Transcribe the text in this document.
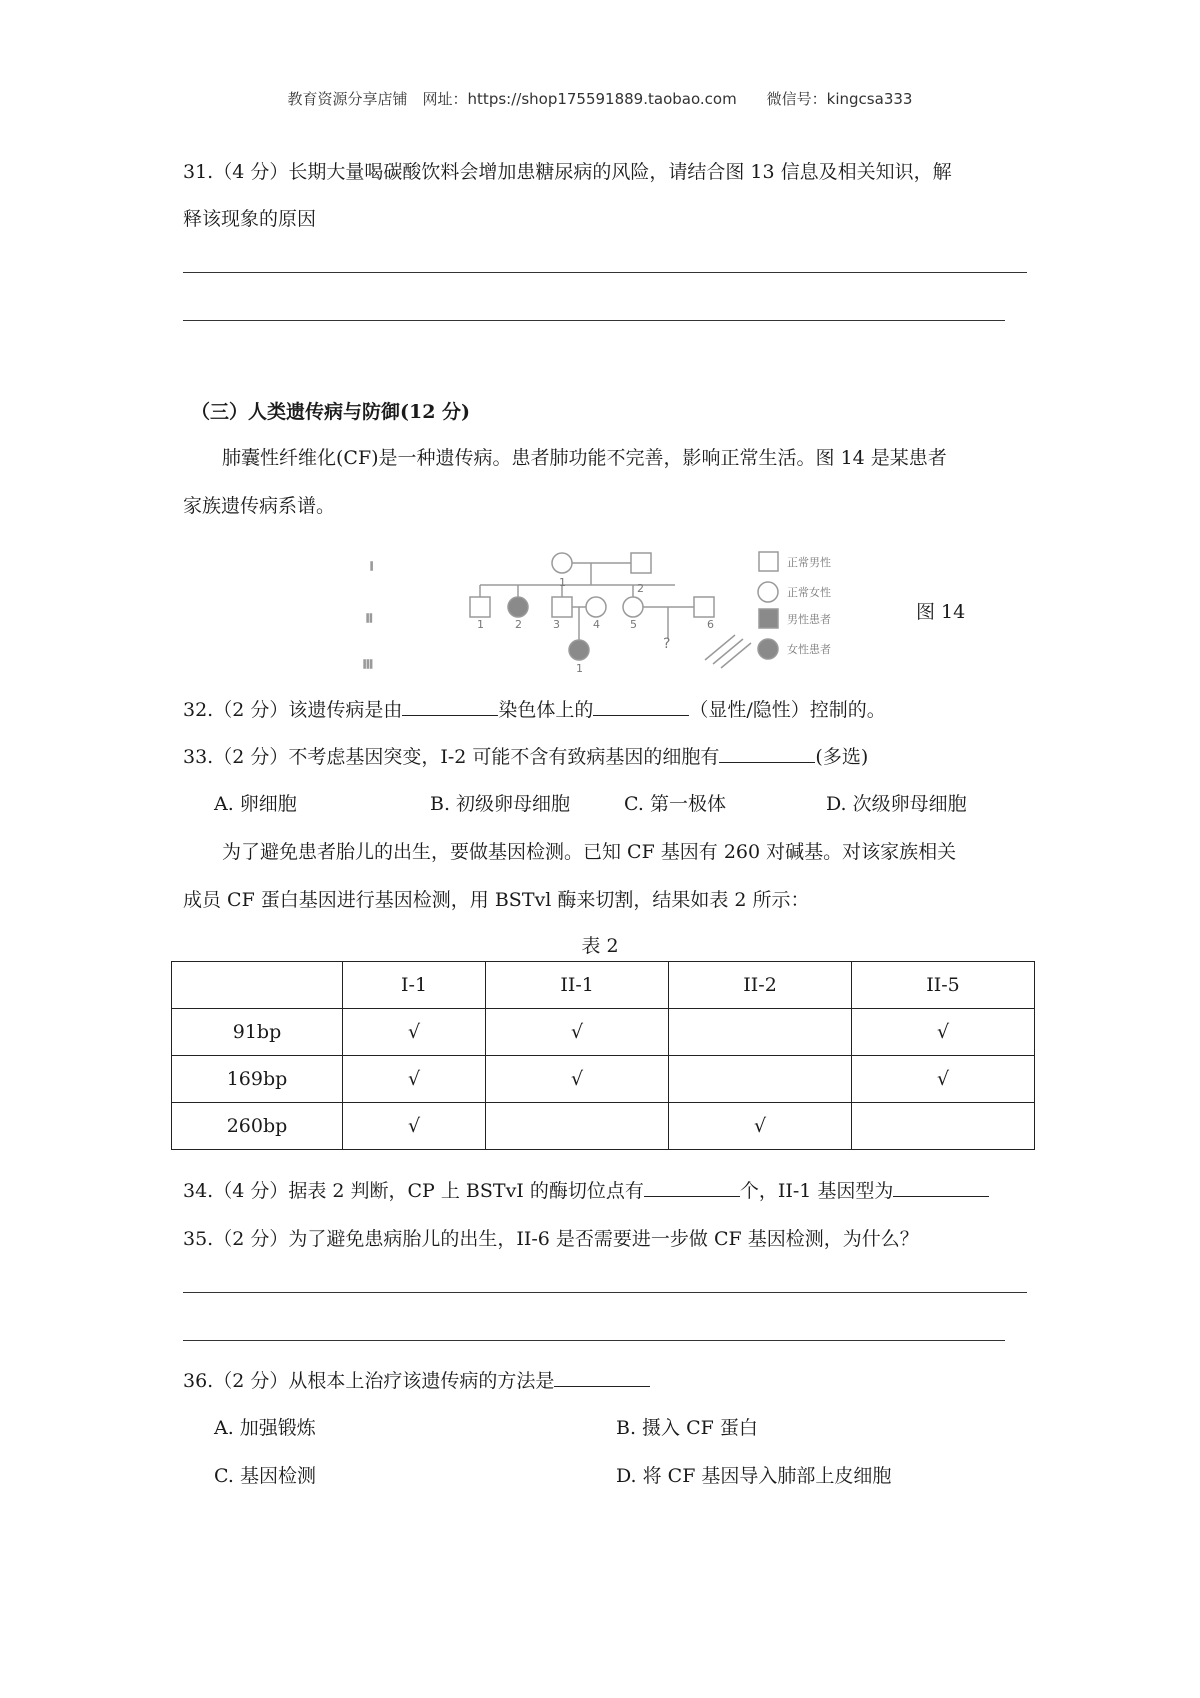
教育资源分享店铺　网址：https://shop175591889.taobao.com　　微信号：kingcsa333
31.（4 分）长期大量喝碳酸饮料会增加患糖尿病的风险，请结合图 13 信息及相关知识，解
释该现象的原因
（三）人类遗传病与防御(12 分)
肺囊性纤维化(CF)是一种遗传病。患者肺功能不完善，影响正常生活。图 14 是某患者
家族遗传病系谱。
I
II
III
1	2
1	2	3	4	5	6
1
?
正常男性
正常女性
男性患者
女性患者
图 14
32.（2 分）该遗传病是由	染色体上的	（显性/隐性）控制的。
33.（2 分）不考虑基因突变，I-2 可能不含有致病基因的细胞有	(多选)
A. 卵细胞	B. 初级卵母细胞	C. 第一极体	D. 次级卵母细胞
为了避免患者胎儿的出生，要做基因检测。已知 CF 基因有 260 对碱基。对该家族相关
成员 CF 蛋白基因进行基因检测，用 BSTvl 酶来切割，结果如表 2 所示：
表 2
	I-1	II-1	II-2	II-5
91bp	√	√		√
169bp	√	√		√
260bp	√		√	
34.（4 分）据表 2 判断，CP 上 BSTvI 的酶切位点有	个，II-1 基因型为
35.（2 分）为了避免患病胎儿的出生，II-6 是否需要进一步做 CF 基因检测，为什么？
36.（2 分）从根本上治疗该遗传病的方法是
A. 加强锻炼	B. 摄入 CF 蛋白
C. 基因检测	D. 将 CF 基因导入肺部上皮细胞
